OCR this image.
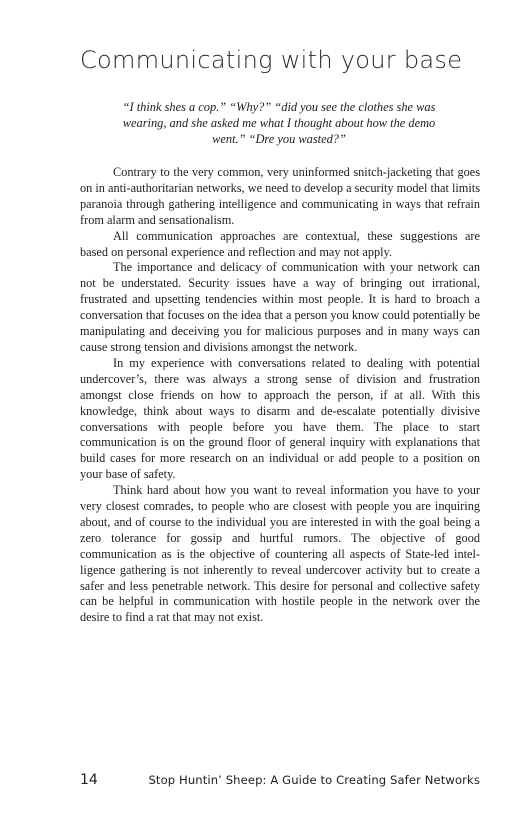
Communicating with your base

“I think shes a cop.” “Why?” “did you see the clothes she was wearing, and she asked me what I thought about how the demo went.” “Dre you wasted?”

Contrary to the very common, very uninformed snitch-jacketing that goes on in anti-authoritarian networks, we need to develop a security model that limits paranoia through gathering intelligence and communicating in ways that refrain from alarm and sensationalism.

All communication approaches are contextual, these suggestions are based on personal experience and reflection and may not apply.

The importance and delicacy of communication with your network can not be understated. Security issues have a way of bringing out irrational, frustrated and upsetting tendencies within most people. It is hard to broach a conversation that focuses on the idea that a person you know could potentially be manipulating and deceiving you for malicious purposes and in many ways can cause strong tension and divisions amongst the network.

In my experience with conversations related to dealing with potential undercover’s, there was always a strong sense of division and frustration amongst close friends on how to approach the person, if at all. With this knowledge, think about ways to disarm and de-escalate potentially divisive conversations with people before you have them. The place to start communication is on the ground floor of general inquiry with explanations that build cases for more research on an individual or add people to a position on your base of safety.

Think hard about how you want to reveal information you have to your very closest comrades, to people who are closest with people you are inquiring about, and of course to the individual you are interested in with the goal being a zero tolerance for gossip and hurtful rumors. The objective of good communication as is the objective of countering all aspects of State-led intelligence gathering is not inherently to reveal undercover activity but to create a safer and less penetrable network. This desire for personal and collective safety can be helpful in communication with hostile people in the network over the desire to find a rat that may not exist.

14	Stop Huntin’ Sheep: A Guide to Creating Safer Networks
